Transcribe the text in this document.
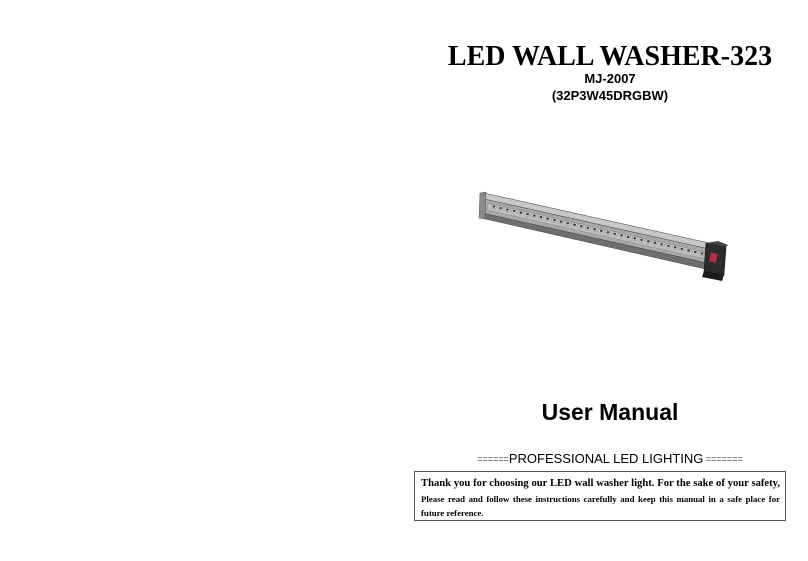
LED WALL WASHER-323
MJ-2007
(32P3W45DRGBW)
User Manual
======PROFESSIONAL LED LIGHTING =======
Thank you for choosing our LED wall washer light. For the sake of your safety,
Please read and follow these instructions carefully and keep this manual in a safe place for future reference.
